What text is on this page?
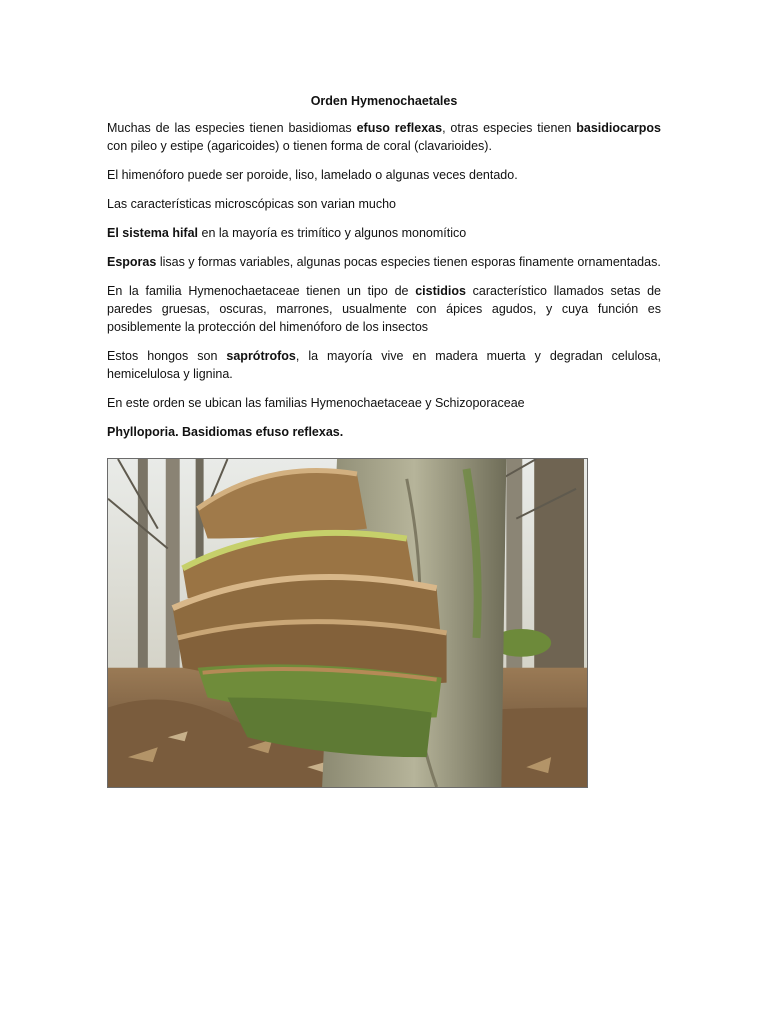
Orden Hymenochaetales

Muchas de las especies tienen basidiomas efuso reflexas, otras especies tienen basidiocarpos con pileo y estipe (agaricoides) o tienen forma de coral (clavarioides).

El himenóforo puede ser poroide, liso, lamelado o algunas veces dentado.

Las características microscópicas son varian mucho

El sistema hifal en la mayoría es trimítico y algunos monomítico

Esporas lisas y formas variables, algunas pocas especies tienen esporas finamente ornamentadas.

En la familia Hymenochaetaceae tienen un tipo de cistidios característico llamados setas de paredes gruesas, oscuras, marrones, usualmente con ápices agudos, y cuya función es posiblemente la protección del himenóforo de los insectos

Estos hongos son saprótrofos, la mayoría vive en madera muerta y degradan celulosa, hemicelulosa y lignina.

En este orden se ubican las familias Hymenochaetaceae y Schizoporaceae

Phylloporia. Basidiomas efuso reflexas.
